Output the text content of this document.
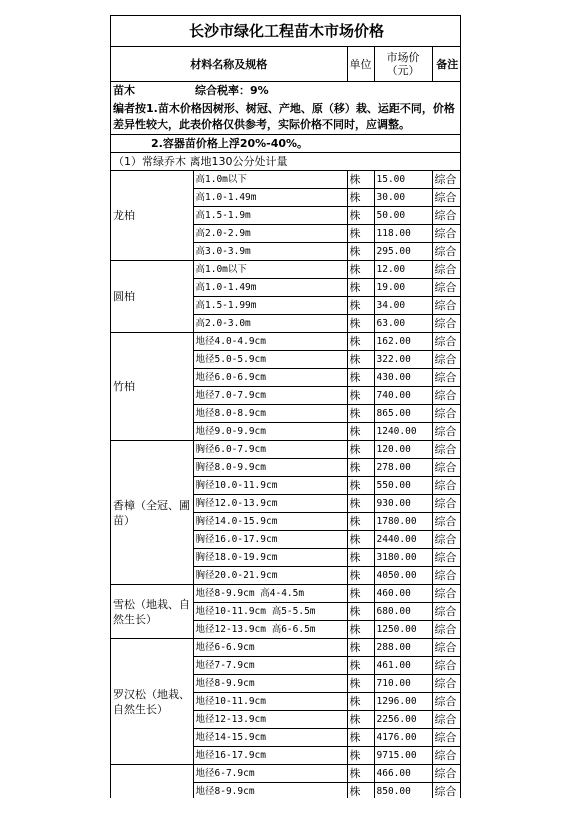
长沙市绿化工程苗木市场价格				
材料名称及规格		单位	市场价（元）	备注
苗木	综合税率：9%			
编者按1.苗木价格因树形、树冠、产地、原（移）栽、运距不同，价格差异性较大，此表价格仅供参考，实际价格不同时，应调整。				
2.容器苗价格上浮20%-40%。				
（1）常绿乔木 离地130公分处计量				
龙柏	高1.0m以下	株	15.00	综合
	高1.0-1.49m	株	30.00	综合
	高1.5-1.9m	株	50.00	综合
	高2.0-2.9m	株	118.00	综合
	高3.0-3.9m	株	295.00	综合
圆柏	高1.0m以下	株	12.00	综合
	高1.0-1.49m	株	19.00	综合
	高1.5-1.99m	株	34.00	综合
	高2.0-3.0m	株	63.00	综合
竹柏	地径4.0-4.9cm	株	162.00	综合
	地径5.0-5.9cm	株	322.00	综合
	地径6.0-6.9cm	株	430.00	综合
	地径7.0-7.9cm	株	740.00	综合
	地径8.0-8.9cm	株	865.00	综合
	地径9.0-9.9cm	株	1240.00	综合
香樟（全冠、圃苗）	胸径6.0-7.9cm	株	120.00	综合
	胸径8.0-9.9cm	株	278.00	综合
	胸径10.0-11.9cm	株	550.00	综合
	胸径12.0-13.9cm	株	930.00	综合
	胸径14.0-15.9cm	株	1780.00	综合
	胸径16.0-17.9cm	株	2440.00	综合
	胸径18.0-19.9cm	株	3180.00	综合
	胸径20.0-21.9cm	株	4050.00	综合
雪松（地栽、自然生长）	地径8-9.9cm 高4-4.5m	株	460.00	综合
	地径10-11.9cm 高5-5.5m	株	680.00	综合
	地径12-13.9cm 高6-6.5m	株	1250.00	综合
罗汉松（地栽、自然生长）	地径6-6.9cm	株	288.00	综合
	地径7-7.9cm	株	461.00	综合
	地径8-9.9cm	株	710.00	综合
	地径10-11.9cm	株	1296.00	综合
	地径12-13.9cm	株	2256.00	综合
	地径14-15.9cm	株	4176.00	综合
	地径16-17.9cm	株	9715.00	综合
	地径6-7.9cm	株	466.00	综合
	地径8-9.9cm	株	850.00	综合
